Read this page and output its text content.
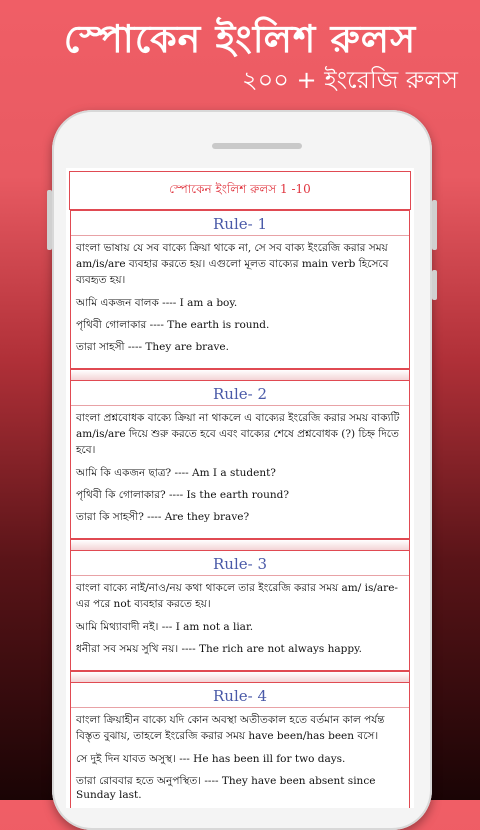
স্পোকেন ইংলিশ রুলস
২০০ + ইংরেজি রুলস
স্পোকেন ইংলিশ রুলস 1 -10
Rule- 1

বাংলা ভাষায় যে সব বাক্যে ক্রিয়া থাকে না, সে সব বাক্য ইংরেজি করার সময় am/is/are ব্যবহার করতে হয়। এগুলো মূলত বাক্যের main verb হিসেবে ব্যবহৃত হয়।

আমি একজন বালক ---- I am a boy.

পৃথিবী গোলাকার ---- The earth is round.

তারা সাহসী ---- They are brave.

Rule- 2

বাংলা প্রশ্নবোধক বাক্যে ক্রিয়া না থাকলে এ বাক্যের ইংরেজি করার সময় বাক্যটি am/is/are দিয়ে শুরু করতে হবে এবং বাক্যের শেষে প্রশ্নবোধক (?) চিহ্ন দিতে হবে।

আমি কি একজন ছাত্র? ---- Am I a student?

পৃথিবী কি গোলাকার? ---- Is the earth round?

তারা কি সাহসী? ---- Are they brave?

Rule- 3

বাংলা বাক্যে নাই/নাও/নয় কথা থাকলে তার ইংরেজি করার সময় am/ is/are-এর পরে not ব্যবহার করতে হয়।

আমি মিথ্যাবাদী নই। --- I am not a liar.

ধনীরা সব সময় সুখি নয়। ---- The rich are not always happy.

Rule- 4

বাংলা ক্রিয়াহীন বাক্যে যদি কোন অবস্থা অতীতকাল হতে বর্তমান কাল পর্যন্ত বিস্তৃত বুঝায়, তাহলে ইংরেজি করার সময় have been/has been বসে।

সে দুই দিন যাবত অসুস্থ। --- He has been ill for two days.

তারা রোববার হতে অনুপস্থিত। ---- They have been absent since Sunday last.
